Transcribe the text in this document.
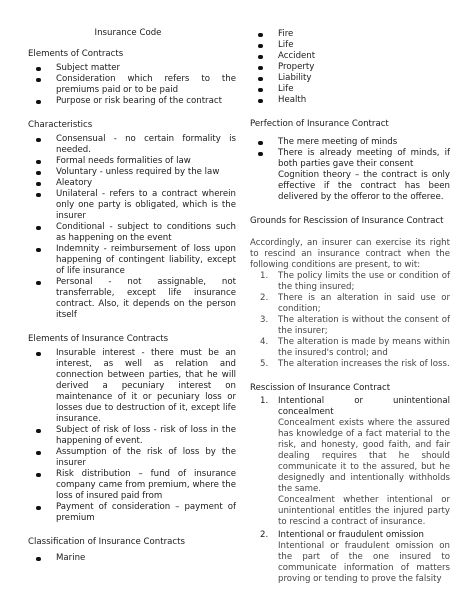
Insurance Code
Elements of Contracts
Subject matter
Consideration which refers to the premiums paid or to be paid
Purpose or risk bearing of the contract
Characteristics
Consensual - no certain formality is needed.
Formal needs formalities of law
Voluntary - unless required by the law
Aleatory
Unilateral - refers to a contract wherein only one party is obligated, which is the insurer
Conditional - subject to conditions such as happening on the event
Indemnity - reimbursement of loss upon happening of contingent liability, except of life insurance
Personal - not assignable, not transferrable, except life insurance contract. Also, it depends on the person itself
Elements of Insurance Contracts
Insurable interest - there must be an interest, as well as relation and connection between parties, that he will derived a pecuniary interest on maintenance of it or pecuniary loss or losses due to destruction of it, except life insurance.
Subject of risk of loss - risk of loss in the happening of event.
Assumption of the risk of loss by the insurer
Risk distribution – fund of insurance company came from premium, where the loss of insured paid from
Payment of consideration – payment of premium
Classification of Insurance Contracts
Marine
Fire
Life
Accident
Property
Liability
Life
Health
Perfection of Insurance Contract
The mere meeting of minds
There is already meeting of minds, if both parties gave their consent
Cognition theory – the contract is only effective if the contract has been delivered by the offeror to the offeree.
Grounds for Rescission of Insurance Contract
Accordingly, an insurer can exercise its right to rescind an insurance contract when the following conditions are present, to wit:
1. The policy limits the use or condition of the thing insured;
2. There is an alteration in said use or condition;
3. The alteration is without the consent of the insurer;
4. The alteration is made by means within the insured's control; and
5. The alteration increases the risk of loss.
Rescission of Insurance Contract
1. Intentional or unintentional concealment
Concealment exists where the assured has knowledge of a fact material to the risk, and honesty, good faith, and fair dealing requires that he should communicate it to the assured, but he designedly and intentionally withholds the same.
Concealment whether intentional or unintentional entitles the injured party to rescind a contract of insurance.
2. Intentional or fraudulent omission
Intentional or fraudulent omission on the part of the one insured to communicate information of matters proving or tending to prove the falsity
